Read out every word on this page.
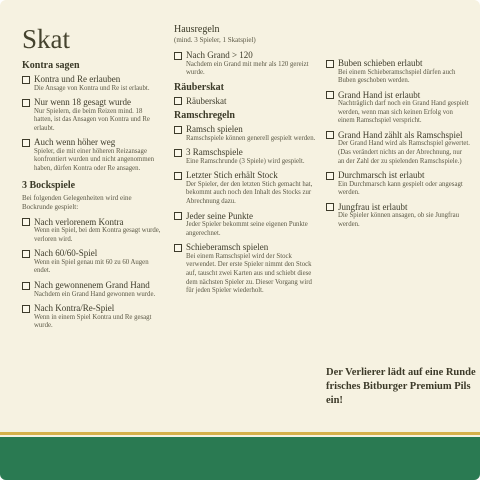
Skat
Kontra sagen
Kontra und Re erlauben
Die Ansage von Kontra und Re ist erlaubt.
Nur wenn 18 gesagt wurde
Nur Spielern, die beim Reizen mind. 18 hatten, ist das Ansagen von Kontra und Re erlaubt.
Auch wenn höher weg
Spieler, die mit einer höheren Reizansage konfrontiert wurden und nicht angenommen haben, dürfen Kontra oder Re ansagen.
3 Bockspiele
Bei folgenden Gelegenheiten wird eine Bockrunde gespielt:
Nach verlorenem Kontra
Wenn ein Spiel, bei dem Kontra gesagt wurde, verloren wird.
Nach 60/60-Spiel
Wenn ein Spiel genau mit 60 zu 60 Augen endet.
Nach gewonnenem Grand Hand
Nachdem ein Grand Hand gewonnen wurde.
Nach Kontra/Re-Spiel
Wenn in einem Spiel Kontra und Re gesagt wurde.
Hausregeln
(mind. 3 Spieler, 1 Skatspiel)
Nach Grand > 120
Nachdem ein Grand mit mehr als 120 gereizt wurde.
Räuberskat
Räuberskat
Ramschregeln
Ramsch spielen
Ramschspiele können generell gespielt werden.
3 Ramschspiele
Eine Ramschrunde (3 Spiele) wird gespielt.
Letzter Stich erhält Stock
Der Spieler, der den letzten Stich gemacht hat, bekommt auch noch den Inhalt des Stocks zur Abrechnung dazu.
Jeder seine Punkte
Jeder Spieler bekommt seine eigenen Punkte angerechnet.
Schieberamsch spielen
Bei einem Ramschspiel wird der Stock verwendet. Der erste Spieler nimmt den Stock auf, tauscht zwei Karten aus und schiebt diese dem nächsten Spieler zu. Dieser Vorgang wird für jeden Spieler wiederholt.
Buben schieben erlaubt
Bei einem Schieberamschspiel dürfen auch Buben geschoben werden.
Grand Hand ist erlaubt
Nachträglich darf noch ein Grand Hand gespielt werden, wenn man sich keinen Erfolg von einem Ramschspiel verspricht.
Grand Hand zählt als Ramschspiel
Der Grand Hand wird als Ramschspiel gewertet. (Das verändert nichts an der Abrechnung, nur an der Zahl der zu spielenden Ramschspiele.)
Durchmarsch ist erlaubt
Ein Durchmarsch kann gespielt oder angesagt werden.
Jungfrau ist erlaubt
Die Spieler können ansagen, ob sie Jungfrau werden.
Der Verlierer lädt auf eine Runde frisches Bitburger Premium Pils ein!
